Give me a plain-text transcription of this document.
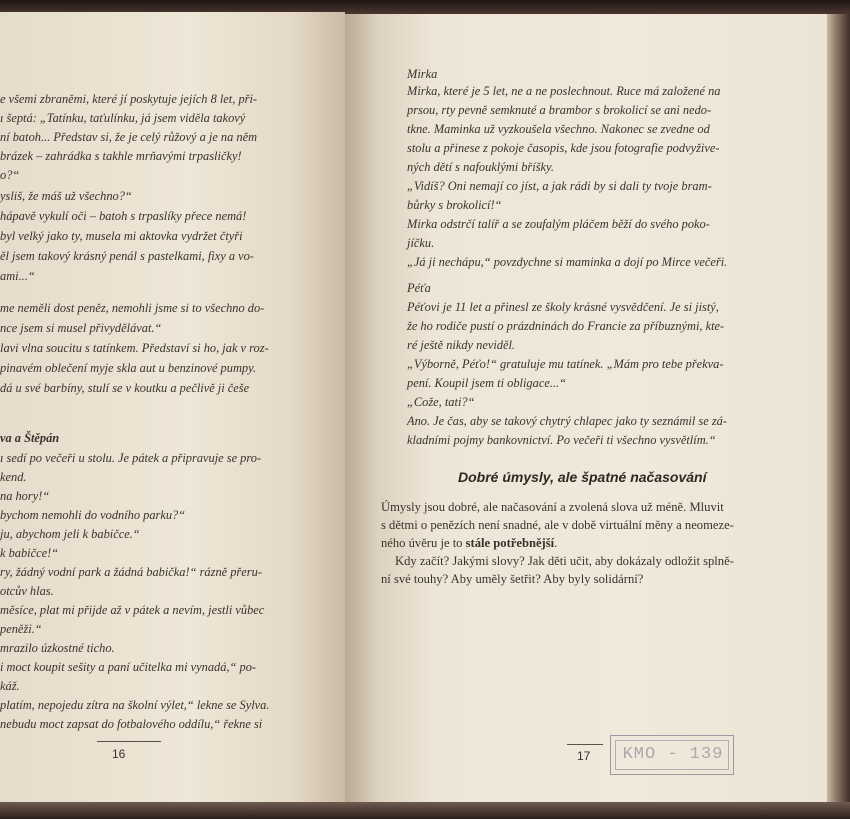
e všemi zbraněmi, které jí poskytuje jejích 8 let, při-
ı šeptá: „Tatínku, taťulínku, já jsem viděla takový
ní batoh... Představ si, že je celý růžový a je na něm
brázek – zahrádka s takhle mrňavými trpasličky!
o?“
ysliš, že máš už všechno?“
hápavě vykulí oči – batoh s trpaslíky přece nemá!
byl velký jako ty, musela mi aktovka vydržet čtyři
ěl jsem takový krásný penál s pastelkami, fixy a vo-
ami...“
me neměli dost peněz, nemohli jsme si to všechno do-
nce jsem si musel přivydělávat.“
lavi vlna soucitu s tatínkem. Představí si ho, jak v roz-
pinavém oblečení myje skla aut u benzinové pumpy.
dá u své barbíny, stulí se v koutku a pečlivě ji češe
va a Štěpán
ı sedí po večeři u stolu. Je pátek a připravuje se pro-
kend.
na hory!“
bychom nemohli do vodního parku?“
ju, abychom jeli k babičce.“
k babičce!“
ry, žádný vodní park a žádná babička!“ rázně přeru-
otcův hlas.
měsíce, plat mi přijde až v pátek a nevím, jestli vůbec
peněži.“
mrazilo úzkostné ticho.
i moct koupit sešity a paní učitelka mi vynadá,“ po-
káž.
platím, nepojedu zítra na školní výlet,“ lekne se Sylva.
nebudu moct zapsat do fotbalového oddílu,“ řekne si
16
Mirka
Mirka, které je 5 let, ne a ne poslechnout. Ruce má založené na
prsou, rty pevně semknuté a brambor s brokolicí se ani nedo-
tkne. Maminka už vyzkoušela všechno. Nakonec se zvedne od
stolu a přinese z pokoje časopis, kde jsou fotografie podvyžive-
ných dětí s nafouklými bříšky.
„Vidíš? Oni nemají co jíst, a jak rádi by si dali ty tvoje bram-
bůrky s brokolicí!“
Mirka odstrčí talíř a se zoufalým pláčem běží do svého poko-
jíčku.
„Já ji nechápu,“ povzdychne si maminka a dojí po Mirce večeři.
Péťa
Péťovi je 11 let a přinesl ze školy krásné vysvědčení. Je si jistý,
že ho rodiče pustí o prázdninách do Francie za příbuznými, kte-
ré ještě nikdy neviděl.
„Výborně, Péťo!“ gratuluje mu tatínek. „Mám pro tebe překva-
pení. Koupil jsem ti obligace...“
„Cože, tati?“
Ano. Je čas, aby se takový chytrý chlapec jako ty seznámil se zá-
kladními pojmy bankovnictví. Po večeři ti všechno vysvětlím.“
Dobré úmysly, ale špatné načasování
Úmysly jsou dobré, ale načasování a zvolená slova už méně. Mluvit
s dětmi o penězích není snadné, ale v době virtuální měny a neomeze-
ného úvěru je to stále potřebnější.
Kdy začít? Jakými slovy? Jak děti učit, aby dokázaly odložit splně-
ní své touhy? Aby uměly šetřit? Aby byly solidární?
17	KMO - 139
